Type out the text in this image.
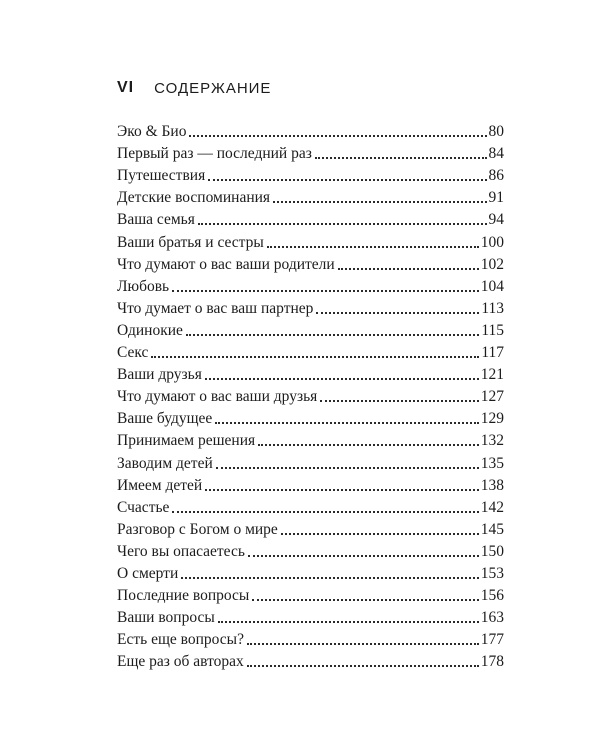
VI СОДЕРЖАНИЕ
Эко & Био	80
Первый раз — последний раз	84
Путешествия	86
Детские воспоминания	91
Ваша семья	94
Ваши братья и сестры	100
Что думают о вас ваши родители	102
Любовь	104
Что думает о вас ваш партнер	113
Одинокие	115
Секс	117
Ваши друзья	121
Что думают о вас ваши друзья	127
Ваше будущее	129
Принимаем решения	132
Заводим детей	135
Имеем детей	138
Счастье	142
Разговор с Богом о мире	145
Чего вы опасаетесь	150
О смерти	153
Последние вопросы	156
Ваши вопросы	163
Есть еще вопросы?	177
Еще раз об авторах	178
